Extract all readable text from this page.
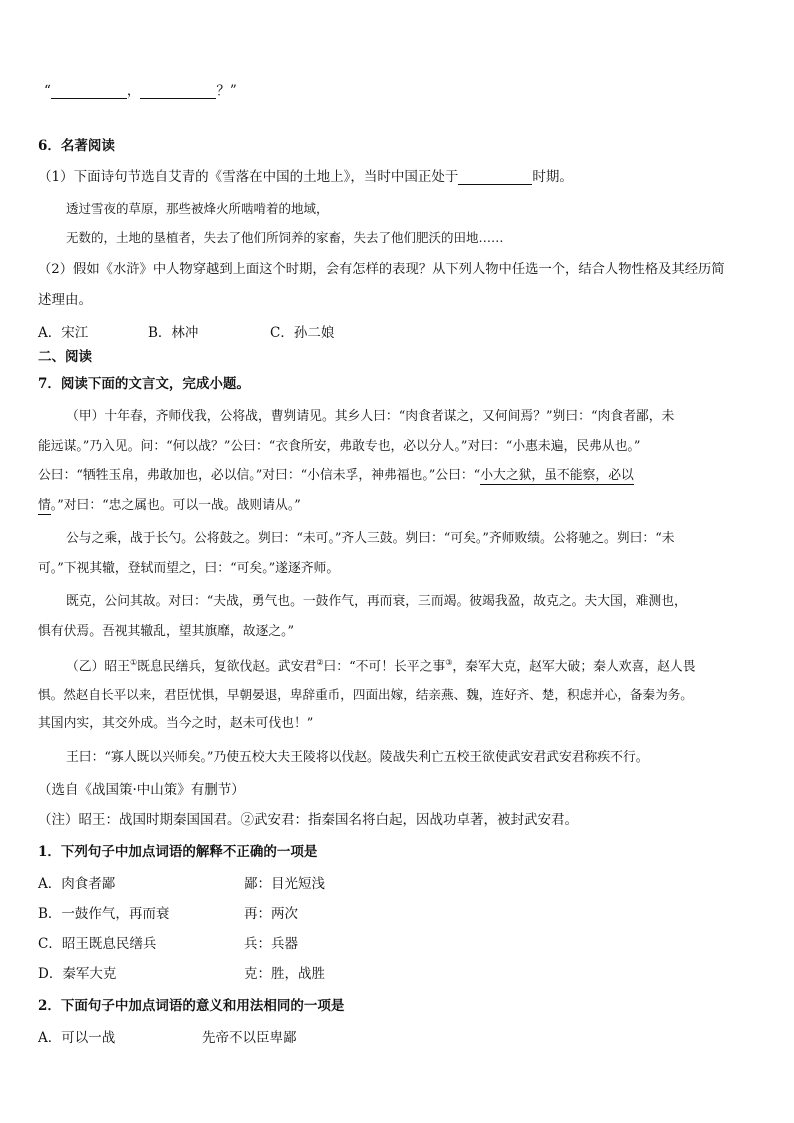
“	，	？”
6．名著阅读
（1）下面诗句节选自艾青的《雪落在中国的土地上》，当时中国正处于	时期。
透过雪夜的草原，那些被烽火所啮啃着的地域，
无数的，土地的垦植者，失去了他们所饲养的家畜，失去了他们肥沃的田地……
（2）假如《水浒》中人物穿越到上面这个时期，会有怎样的表现？从下列人物中任选一个，结合人物性格及其经历简
述理由。
A．宋江	B．林冲	C．孙二娘
二、阅读
7．阅读下面的文言文，完成小题。
（甲）十年春，齐师伐我，公将战，曹刿请见。其乡人曰：“肉食者谋之，又何间焉？”刿曰：“肉食者鄙，未
能远谋。”乃入见。问：“何以战？”公曰：“衣食所安，弗敢专也，必以分人。”对曰：“小惠未遍，民弗从也。”
公曰：“牺牲玉帛，弗敢加也，必以信。”对曰：“小信未孚，神弗福也。”公曰：“小大之狱，虽不能察，必以
情。”对曰：“忠之属也。可以一战。战则请从。”
公与之乘，战于长勺。公将鼓之。刿曰：“未可。”齐人三鼓。刿曰：“可矣。”齐师败绩。公将驰之。刿曰：“未
可。”下视其辙，登轼而望之，曰：“可矣。”遂逐齐师。
既克，公问其故。对曰：“夫战，勇气也。一鼓作气，再而衰，三而竭。彼竭我盈，故克之。夫大国，难测也，
惧有伏焉。吾视其辙乱，望其旗靡，故逐之。”
（乙）昭王①既息民缮兵，复欲伐赵。武安君②曰：“不可！长平之事③，秦军大克，赵军大破；秦人欢喜，赵人畏
惧。然赵自长平以来，君臣忧惧，早朝晏退，卑辞重币，四面出嫁，结亲燕、魏，连好齐、楚，积虑并心，备秦为务。
其国内实，其交外成。当今之时，赵未可伐也！”
王曰：“寡人既以兴师矣。”乃使五校大夫王陵将以伐赵。陵战失利亡五校王欲使武安君武安君称疾不行。
（选自《战国策·中山策》有删节）
（注）昭王：战国时期秦国国君。②武安君：指秦国名将白起，因战功卓著，被封武安君。
1．下列句子中加点词语的解释不正确的一项是
A．肉食者鄙	鄙：目光短浅
B．一鼓作气，再而衰	再：两次
C．昭王既息民缮兵	兵：兵器
D．秦军大克	克：胜，战胜
2．下面句子中加点词语的意义和用法相同的一项是
A．可以一战	先帝不以臣卑鄙
